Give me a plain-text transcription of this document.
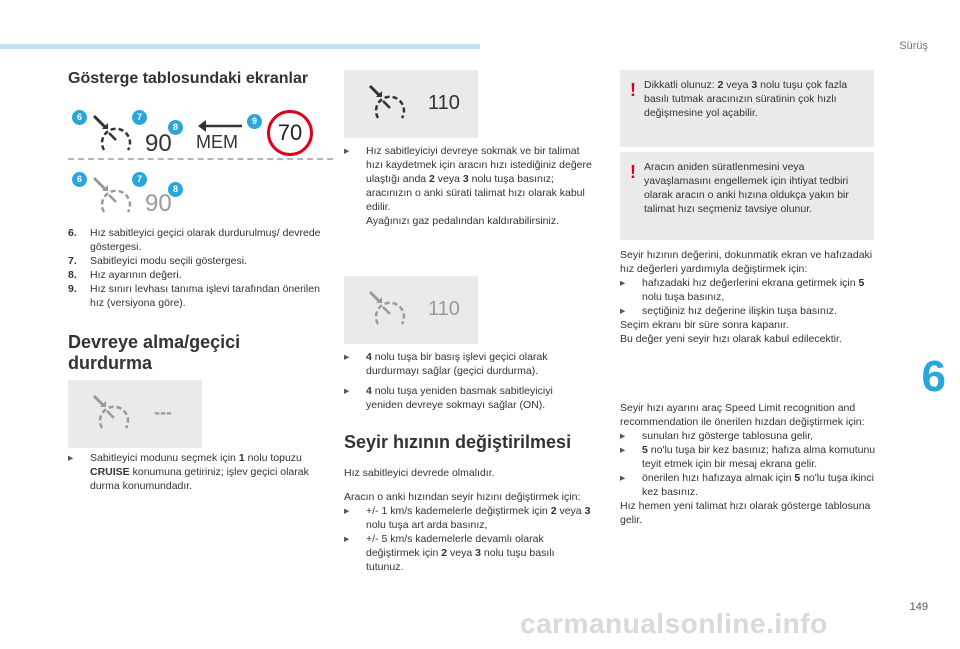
Sürüş
6
149
carmanualsonline.info
Gösterge tablosundaki ekranlar
6	7
8
9
90 MEM	70
6	7
8
90
6.	Hız sabitleyici geçici olarak durdurulmuş/ devrede göstergesi.
7.	Sabitleyici modu seçili göstergesi.
8.	Hız ayarının değeri.
9.	Hız sınırı levhası tanıma işlevi tarafından önerilen hız (versiyona göre).
Devreye alma/geçici durdurma
---
▸	Sabitleyici modunu seçmek için 1 nolu topuzu CRUISE konumuna getiriniz; işlev geçici olarak durma konumundadır.
110
▸	Hız sabitleyiciyi devreye sokmak ve bir talimat hızı kaydetmek için aracın hızı istediğiniz değere ulaştığı anda 2 veya 3 nolu tuşa basınız; aracınızın o anki sürati talimat hızı olarak kabul edilir.
Ayağınızı gaz pedalından kaldırabilirsiniz.
110
▸	4 nolu tuşa bir basış işlevi geçici olarak durdurmayı sağlar (geçici durdurma).
▸	4 nolu tuşa yeniden basmak sabitleyiciyi yeniden devreye sokmayı sağlar (ON).
Seyir hızının değiştirilmesi

Hız sabitleyici devrede olmalıdır.

Aracın o anki hızından seyir hızını değiştirmek için:

▸	+/- 1 km/s kademelerle değiştirmek için 2 veya 3 nolu tuşa art arda basınız,
▸	+/- 5 km/s kademelerle devamlı olarak değiştirmek için 2 veya 3 nolu tuşu basılı tutunuz.
! Dikkatli olunuz: 2 veya 3 nolu tuşu çok fazla basılı tutmak aracınızın süratinin çok hızlı değişmesine yol açabilir.
! Aracın aniden süratlenmesini veya yavaşlamasını engellemek için ihtiyat tedbiri olarak aracın o anki hızına oldukça yakın bir talimat hızı seçmeniz tavsiye olunur.

Seyir hızının değerini, dokunmatik ekran ve hafızadaki hız değerleri yardımıyla değiştirmek için:

▸	hafızadaki hız değerlerini ekrana getirmek için 5 nolu tuşa basınız,
▸	seçtiğiniz hız değerine ilişkin tuşa basınız.

Seçim ekranı bir süre sonra kapanır.

Bu değer yeni seyir hızı olarak kabul edilecektir.

Seyir hızı ayarını araç Speed Limit recognition and recommendation ile önerilen hızdan değiştirmek için:

▸	sunulan hız gösterge tablosuna gelir,
▸	5 no'lu tuşa bir kez basınız; hafıza alma komutunu teyit etmek için bir mesaj ekrana gelir.
▸	önerilen hızı hafızaya almak için 5 no'lu tuşa ikinci kez basınız.

Hız hemen yeni talimat hızı olarak gösterge tablosuna gelir.
